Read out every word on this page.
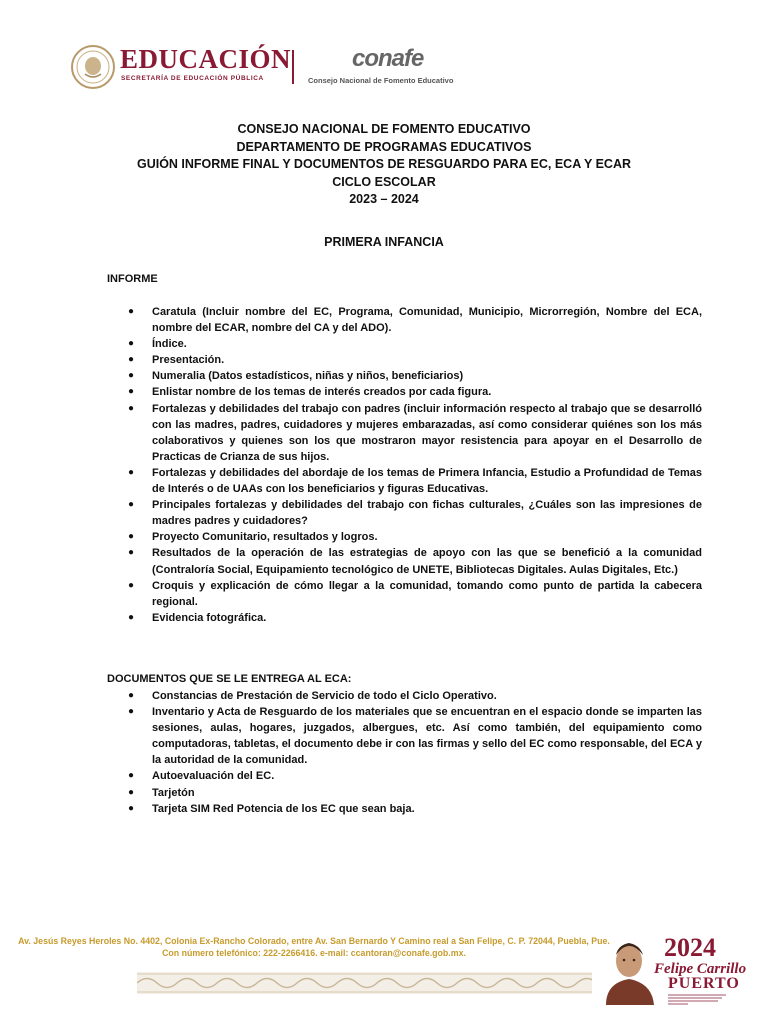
EDUCACIÓN
SECRETARÍA DE EDUCACIÓN PÚBLICA
conafe
Consejo Nacional de Fomento Educativo
CONSEJO NACIONAL DE FOMENTO EDUCATIVO
DEPARTAMENTO DE PROGRAMAS EDUCATIVOS
GUIÓN INFORME FINAL Y DOCUMENTOS DE RESGUARDO PARA EC, ECA Y ECAR
CICLO ESCOLAR
2023 – 2024
PRIMERA INFANCIA
INFORME
● Caratula (Incluir nombre del EC, Programa, Comunidad, Municipio, Microrregión, Nombre del ECA, nombre del ECAR, nombre del CA y del ADO).
● Índice.
● Presentación.
● Numeralia (Datos estadísticos, niñas y niños, beneficiarios)
● Enlistar nombre de los temas de interés creados por cada figura.
● Fortalezas y debilidades del trabajo con padres (incluir información respecto al trabajo que se desarrolló con las madres, padres, cuidadores y mujeres embarazadas, así como considerar quiénes son los más colaborativos y quienes son los que mostraron mayor resistencia para apoyar en el Desarrollo de Practicas de Crianza de sus hijos.
● Fortalezas y debilidades del abordaje de los temas de Primera Infancia, Estudio a Profundidad de Temas de Interés o de UAAs con los beneficiarios y figuras Educativas.
● Principales fortalezas y debilidades del trabajo con fichas culturales, ¿Cuáles son las impresiones de madres padres y cuidadores?
● Proyecto Comunitario, resultados y logros.
● Resultados de la operación de las estrategias de apoyo con las que se benefició a la comunidad (Contraloría Social, Equipamiento tecnológico de UNETE, Bibliotecas Digitales. Aulas Digitales, Etc.)
● Croquis y explicación de cómo llegar a la comunidad, tomando como punto de partida la cabecera regional.
● Evidencia fotográfica.
DOCUMENTOS QUE SE LE ENTREGA AL ECA:
● Constancias de Prestación de Servicio de todo el Ciclo Operativo.
● Inventario y Acta de Resguardo de los materiales que se encuentran en el espacio donde se imparten las sesiones, aulas, hogares, juzgados, albergues, etc. Así como también, del equipamiento como computadoras, tabletas, el documento debe ir con las firmas y sello del EC como responsable, del ECA y la autoridad de la comunidad.
● Autoevaluación del EC.
● Tarjetón
● Tarjeta SIM Red Potencia de los EC que sean baja.
Av. Jesús Reyes Heroles No. 4402, Colonia Ex-Rancho Colorado, entre Av. San Bernardo Y Camino real a San Felipe, C. P. 72044, Puebla, Pue.
Con número telefónico: 222-2266416. e-mail: ccantoran@conafe.gob.mx.	2024
Felipe Carrillo
PUERTO
